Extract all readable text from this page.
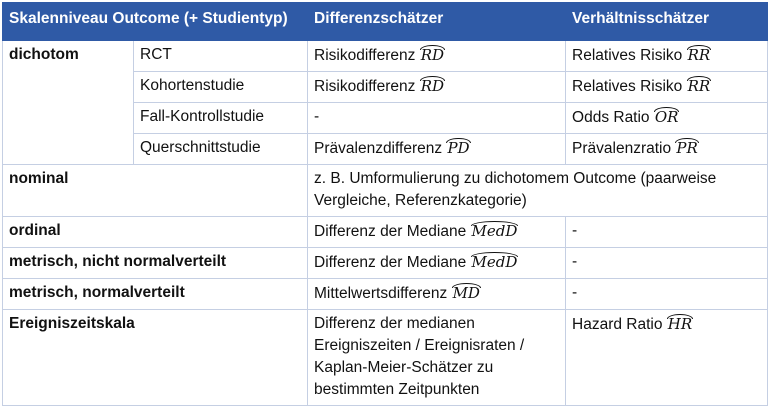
Skalenniveau Outcome (+ Studientyp)		Differenzschätzer	Verhältnisschätzer
dichotom	RCT	Risikodifferenz RD	Relatives Risiko RR
	Kohortenstudie	Risikodifferenz RD	Relatives Risiko RR
	Fall-Kontrollstudie	-	Odds Ratio OR
	Querschnittstudie	Prävalenzdifferenz PD	Prävalenzratio PR
nominal		z. B. Umformulierung zu dichotomem Outcome (paarweise Vergleiche, Referenzkategorie)	
ordinal		Differenz der Mediane MedD	-
metrisch, nicht normalverteilt		Differenz der Mediane MedD	-
metrisch, normalverteilt		Mittelwertsdifferenz MD	-
Ereigniszeitskala		Differenz der medianen Ereigniszeiten / Ereignisraten / Kaplan-Meier-Schätzer zu bestimmten Zeitpunkten	Hazard Ratio HR
